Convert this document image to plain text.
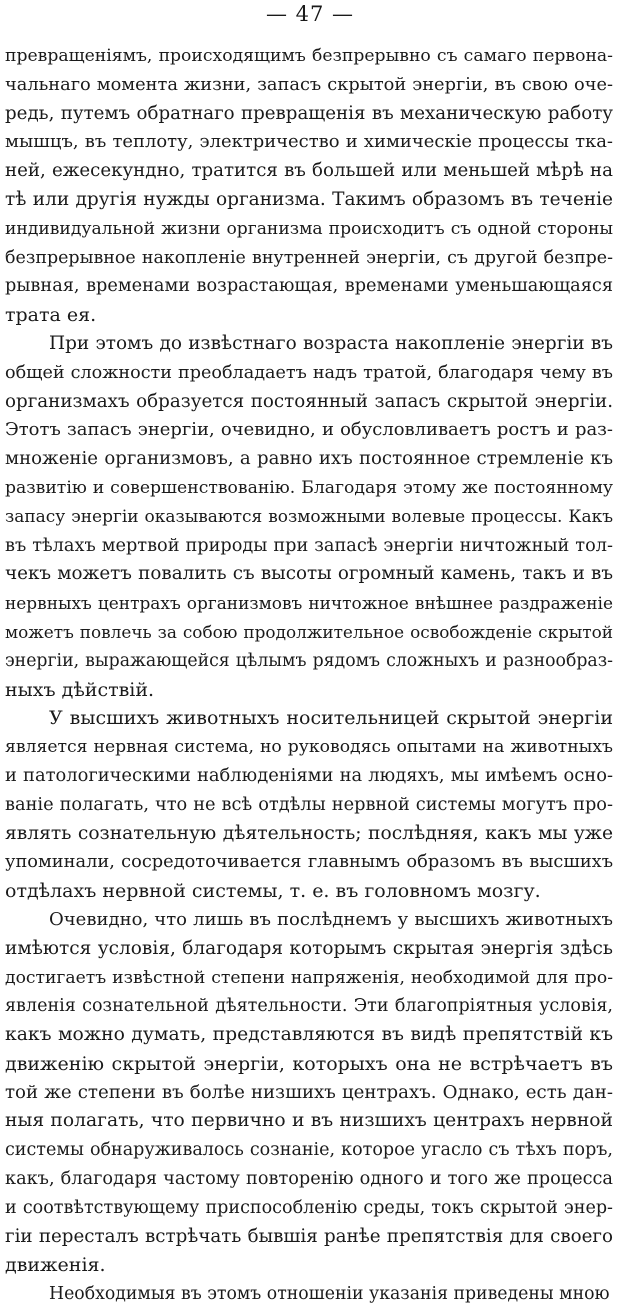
— 47 —
превращеніямъ, происходящимъ безпрерывно съ самаго первона-
чальнаго момента жизни, запасъ скрытой энергіи, въ свою оче-
редь, путемъ обратнаго превращенія въ механическую работу
мышцъ, въ теплоту, электричество и химическіе процессы тка-
ней, ежесекундно, тратится въ большей или меньшей мѣрѣ на
тѣ или другія нужды организма. Такимъ образомъ въ теченіе
индивидуальной жизни организма происходитъ съ одной стороны
безпрерывное накопленіе внутренней энергіи, съ другой безпре-
рывная, временами возрастающая, временами уменьшающаяся
трата ея.
При этомъ до извѣстнаго возраста накопленіе энергіи въ
общей сложности преобладаетъ надъ тратой, благодаря чему въ
организмахъ образуется постоянный запасъ скрытой энергіи.
Этотъ запасъ энергіи, очевидно, и обусловливаетъ ростъ и раз-
множеніе организмовъ, а равно ихъ постоянное стремленіе къ
развитію и совершенствованію. Благодаря этому же постоянному
запасу энергіи оказываются возможными волевые процессы. Какъ
въ тѣлахъ мертвой природы при запасѣ энергіи ничтожный тол-
чекъ можетъ повалить съ высоты огромный камень, такъ и въ
нервныхъ центрахъ организмовъ ничтожное внѣшнее раздраженіе
можетъ повлечь за собою продолжительное освобожденіе скрытой
энергіи, выражающейся цѣлымъ рядомъ сложныхъ и разнообраз-
ныхъ дѣйствій.
У высшихъ животныхъ носительницей скрытой энергіи
является нервная система, но руководясь опытами на животныхъ
и патологическими наблюденіями на людяхъ, мы имѣемъ осно-
ваніе полагать, что не всѣ отдѣлы нервной системы могутъ про-
являть сознательную дѣятельность; послѣдняя, какъ мы уже
упоминали, сосредоточивается главнымъ образомъ въ высшихъ
отдѣлахъ нервной системы, т. е. въ головномъ мозгу.
Очевидно, что лишь въ послѣднемъ у высшихъ животныхъ
имѣются условія, благодаря которымъ скрытая энергія здѣсь
достигаетъ извѣстной степени напряженія, необходимой для про-
явленія сознательной дѣятельности. Эти благопріятныя условія,
какъ можно думать, представляются въ видѣ препятствій къ
движенію скрытой энергіи, которыхъ она не встрѣчаетъ въ
той же степени въ болѣе низшихъ центрахъ. Однако, есть дан-
ныя полагать, что первично и въ низшихъ центрахъ нервной
системы обнаруживалось сознаніе, которое угасло съ тѣхъ поръ,
какъ, благодаря частому повторенію одного и того же процесса
и соотвѣтствующему приспособленію среды, токъ скрытой энер-
гіи пересталъ встрѣчать бывшія ранѣе препятствія для своего
движенія.
Необходимыя въ этомъ отношеніи указанія приведены мною
